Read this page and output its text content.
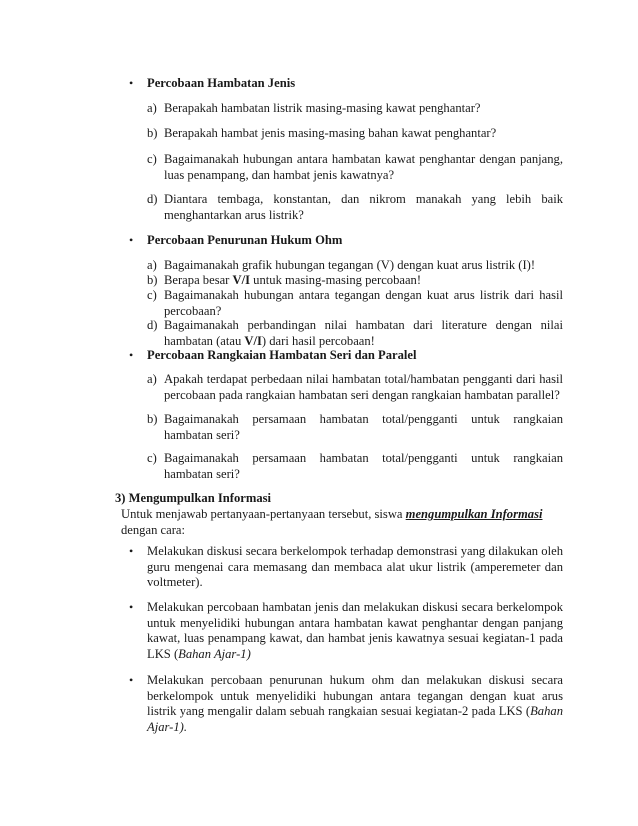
• Percobaan Hambatan Jenis
a) Berapakah hambatan listrik masing-masing kawat penghantar?
b) Berapakah hambat jenis masing-masing bahan kawat penghantar?
c) Bagaimanakah hubungan antara hambatan kawat penghantar dengan panjang, luas penampang, dan hambat jenis kawatnya?
d) Diantara tembaga, konstantan, dan nikrom manakah yang lebih baik menghantarkan arus listrik?
• Percobaan Penurunan Hukum Ohm
a) Bagaimanakah grafik hubungan tegangan (V) dengan kuat arus listrik (I)!
b) Berapa besar V/I untuk masing-masing percobaan!
c) Bagaimanakah hubungan antara tegangan dengan kuat arus listrik dari hasil percobaan?
d) Bagaimanakah perbandingan nilai hambatan dari literature dengan nilai hambatan (atau V/I) dari hasil percobaan!
• Percobaan Rangkaian Hambatan Seri dan Paralel
a) Apakah terdapat perbedaan nilai hambatan total/hambatan pengganti dari hasil percobaan pada rangkaian hambatan seri dengan rangkaian hambatan parallel?
b) Bagaimanakah persamaan hambatan total/pengganti untuk rangkaian hambatan seri?
c) Bagaimanakah persamaan hambatan total/pengganti untuk rangkaian hambatan seri?
3) Mengumpulkan Informasi
Untuk menjawab pertanyaan-pertanyaan tersebut, siswa mengumpulkan Informasi dengan cara:
• Melakukan diskusi secara berkelompok terhadap demonstrasi yang dilakukan oleh guru mengenai cara memasang dan membaca alat ukur listrik (amperemeter dan voltmeter).
• Melakukan percobaan hambatan jenis dan melakukan diskusi secara berkelompok untuk menyelidiki hubungan antara hambatan kawat penghantar dengan panjang kawat, luas penampang kawat, dan hambat jenis kawatnya sesuai kegiatan-1 pada LKS (Bahan Ajar-1)
• Melakukan percobaan penurunan hukum ohm dan melakukan diskusi secara berkelompok untuk menyelidiki hubungan antara tegangan dengan kuat arus listrik yang mengalir dalam sebuah rangkaian sesuai kegiatan-2 pada LKS (Bahan Ajar-1).
